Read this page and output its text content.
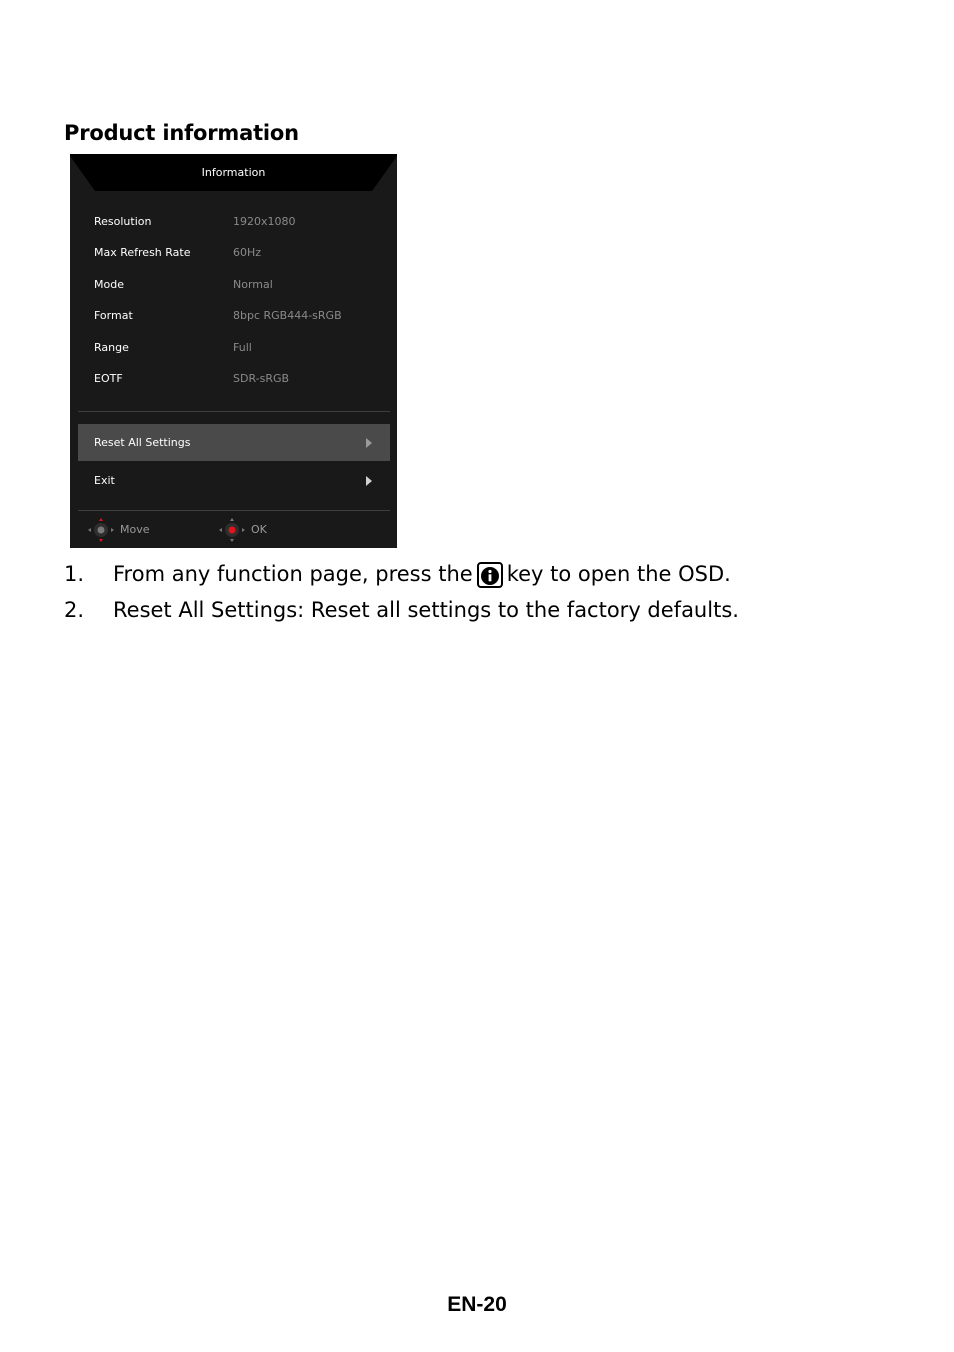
Product information
Information
Resolution	1920x1080
Max Refresh Rate	60Hz
Mode	Normal
Format	8bpc RGB444-sRGB
Range	Full
EOTF	SDR-sRGB
Reset All Settings
Exit
Move	OK
1. From any function page, press the key to open the OSD.
2. Reset All Settings: Reset all settings to the factory defaults.
EN-20
